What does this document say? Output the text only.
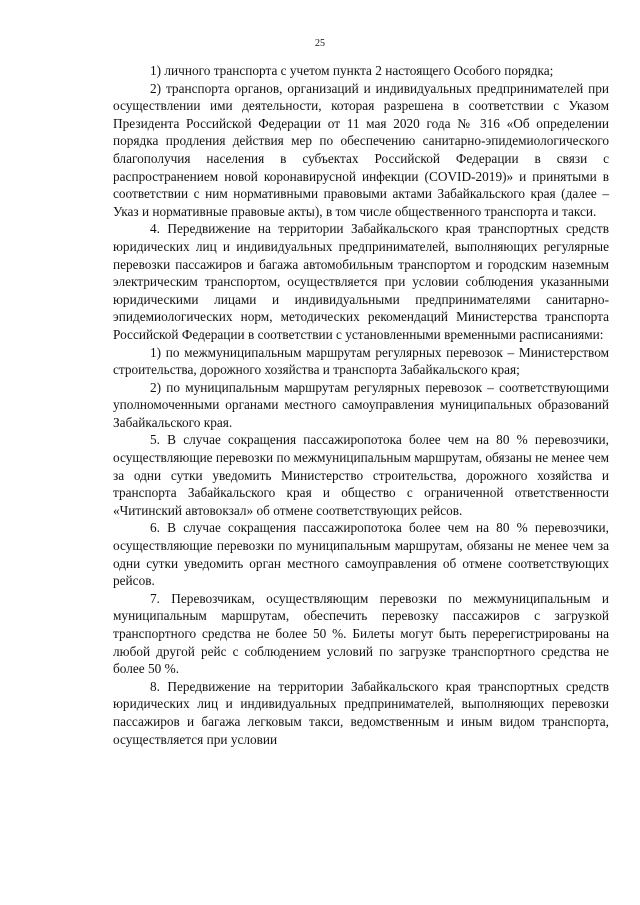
25

1) личного транспорта с учетом пункта 2 настоящего Особого порядка;

2) транспорта органов, организаций и индивидуальных предпринимателей при осуществлении ими деятельности, которая разрешена в соответствии с Указом Президента Российской Федерации от 11 мая 2020 года № 316 «Об определении порядка продления действия мер по обеспечению санитарно-эпидемиологического благополучия населения в субъектах Российской Федерации в связи с распространением новой коронавирусной инфекции (COVID-2019)» и принятыми в соответствии с ним нормативными правовыми актами Забайкальского края (далее – Указ и нормативные правовые акты), в том числе общественного транспорта и такси.

4. Передвижение на территории Забайкальского края транспортных средств юридических лиц и индивидуальных предпринимателей, выполняющих регулярные перевозки пассажиров и багажа автомобильным транспортом и городским наземным электрическим транспортом, осуществляется при условии соблюдения указанными юридическими лицами и индивидуальными предпринимателями санитарно-эпидемиологических норм, методических рекомендаций Министерства транспорта Российской Федерации в соответствии с установленными временными расписаниями:

1) по межмуниципальным маршрутам регулярных перевозок – Министерством строительства, дорожного хозяйства и транспорта Забайкальского края;

2) по муниципальным маршрутам регулярных перевозок – соответствующими уполномоченными органами местного самоуправления муниципальных образований Забайкальского края.

5. В случае сокращения пассажиропотока более чем на 80 % перевозчики, осуществляющие перевозки по межмуниципальным маршрутам, обязаны не менее чем за одни сутки уведомить Министерство строительства, дорожного хозяйства и транспорта Забайкальского края и общество с ограниченной ответственности «Читинский автовокзал» об отмене соответствующих рейсов.

6. В случае сокращения пассажиропотока более чем на 80 % перевозчики, осуществляющие перевозки по муниципальным маршрутам, обязаны не менее чем за одни сутки уведомить орган местного самоуправления об отмене соответствующих рейсов.

7. Перевозчикам, осуществляющим перевозки по межмуниципальным и муниципальным маршрутам, обеспечить перевозку пассажиров с загрузкой транспортного средства не более 50 %. Билеты могут быть перерегистрированы на любой другой рейс с соблюдением условий по загрузке транспортного средства не более 50 %.

8. Передвижение на территории Забайкальского края транспортных средств юридических лиц и индивидуальных предпринимателей, выполняющих перевозки пассажиров и багажа легковым такси, ведомственным и иным видом транспорта, осуществляется при условии
